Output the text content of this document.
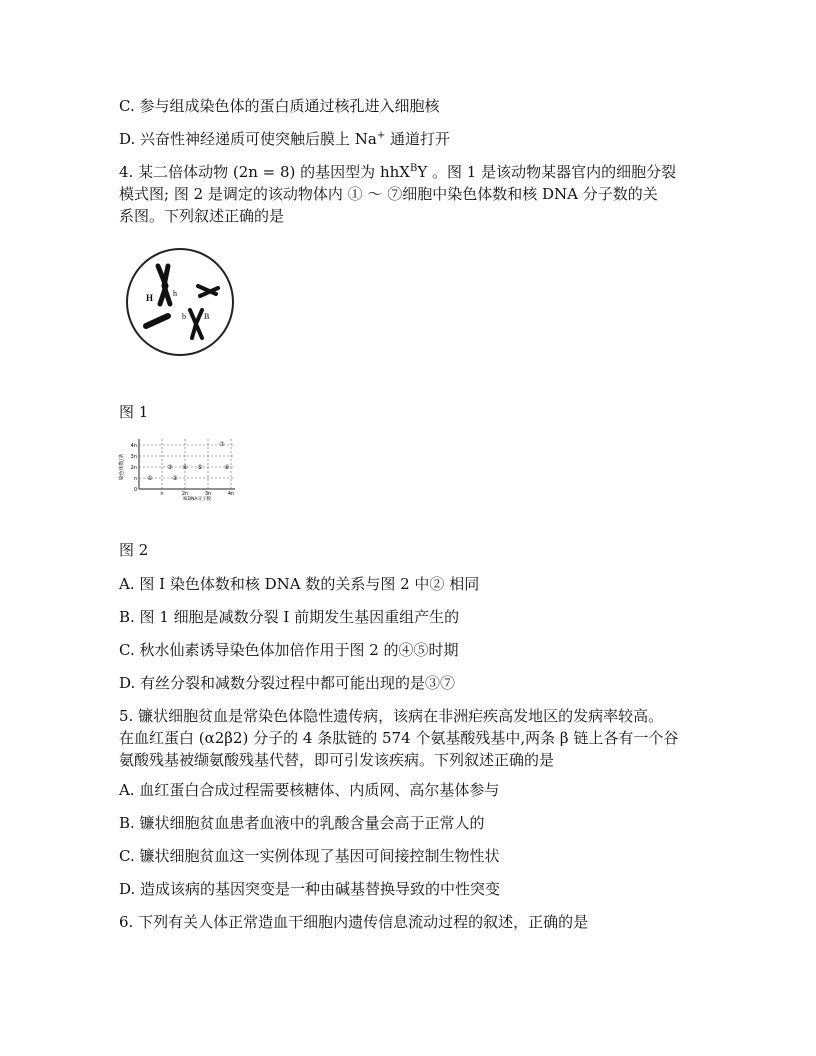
C. 参与组成染色体的蛋白质通过核孔进入细胞核
D. 兴奋性神经递质可使突触后膜上 Na+ 通道打开
4. 某二倍体动物 (2n = 8) 的基因型为 hhX$^B$Y 。图 1 是该动物某器官内的细胞分裂
模式图; 图 2 是调定的该动物体内 ① ～ ⑦细胞中染色体数和核 DNA 分子数的关
系图。下列叙述正确的是
H h
b B
图 1
染色体数/条
4n
3n
2n
n
0
n	2n	3n	4n
核DNA分子数
①	②
③ ④ ⑤	⑥
⑦
图 2
A. 图 I 染色体数和核 DNA 数的关系与图 2 中② 相同
B. 图 1 细胞是减数分裂 I 前期发生基因重组产生的
C. 秋水仙素诱导染色体加倍作用于图 2 的④⑤时期
D. 有丝分裂和减数分裂过程中都可能出现的是③⑦
5. 镰状细胞贫血是常染色体隐性遗传病，该病在非洲疟疾高发地区的发病率较高。
在血红蛋白 (α2β2) 分子的 4 条肽链的 574 个氨基酸残基中,两条 β 链上各有一个谷
氨酸残基被缬氨酸残基代替，即可引发该疾病。下列叙述正确的是
A. 血红蛋白合成过程需要核糖体、内质网、高尔基体参与
B. 镰状细胞贫血患者血液中的乳酸含量会高于正常人的
C. 镰状细胞贫血这一实例体现了基因可间接控制生物性状
D. 造成该病的基因突变是一种由碱基替换导致的中性突变
6. 下列有关人体正常造血干细胞内遗传信息流动过程的叙述，正确的是
